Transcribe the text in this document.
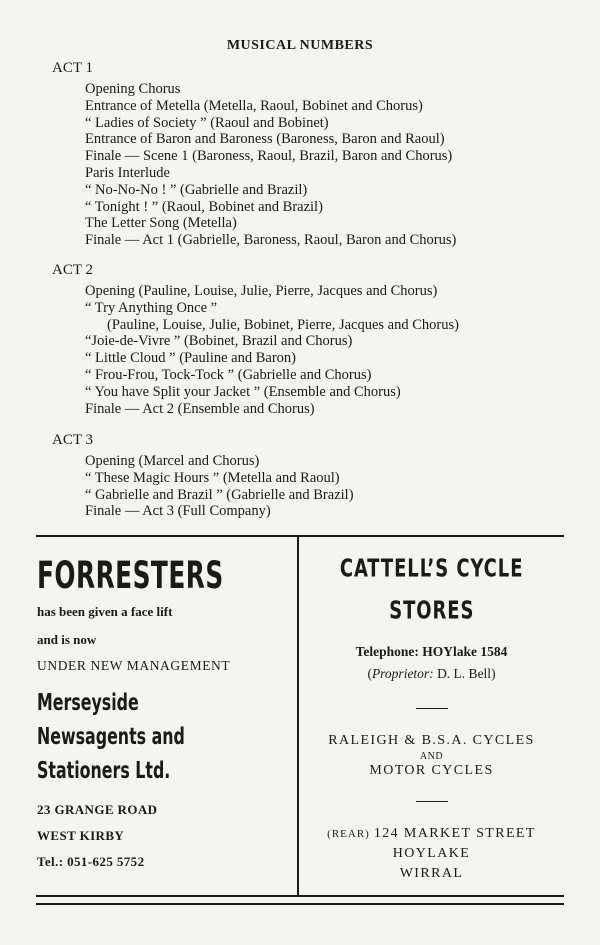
MUSICAL NUMBERS
ACT 1
Opening Chorus
Entrance of Metella (Metella, Raoul, Bobinet and Chorus)
“ Ladies of Society ” (Raoul and Bobinet)
Entrance of Baron and Baroness (Baroness, Baron and Raoul)
Finale — Scene 1 (Baroness, Raoul, Brazil, Baron and Chorus)
Paris Interlude
“ No-No-No ! ” (Gabrielle and Brazil)
“ Tonight ! ” (Raoul, Bobinet and Brazil)
The Letter Song (Metella)
Finale — Act 1 (Gabrielle, Baroness, Raoul, Baron and Chorus)
ACT 2
Opening (Pauline, Louise, Julie, Pierre, Jacques and Chorus)
“ Try Anything Once ”
(Pauline, Louise, Julie, Bobinet, Pierre, Jacques and Chorus)
“Joie-de-Vivre ” (Bobinet, Brazil and Chorus)
“ Little Cloud ” (Pauline and Baron)
“ Frou-Frou, Tock-Tock ” (Gabrielle and Chorus)
“ You have Split your Jacket ” (Ensemble and Chorus)
Finale — Act 2 (Ensemble and Chorus)
ACT 3
Opening (Marcel and Chorus)
“ These Magic Hours ” (Metella and Raoul)
“ Gabrielle and Brazil ” (Gabrielle and Brazil)
Finale — Act 3 (Full Company)
FORRESTERS
has been given a face lift
and is now
UNDER NEW MANAGEMENT
Merseyside
Newsagents and
Stationers Ltd.
23 GRANGE ROAD
WEST KIRBY
Tel.: 051-625 5752
CATTELL’S CYCLE
STORES
Telephone: HOYlake 1584
(Proprietor: D. L. Bell)
RALEIGH & B.S.A. CYCLES
AND
MOTOR CYCLES
(REAR) 124 MARKET STREET
HOYLAKE
WIRRAL
